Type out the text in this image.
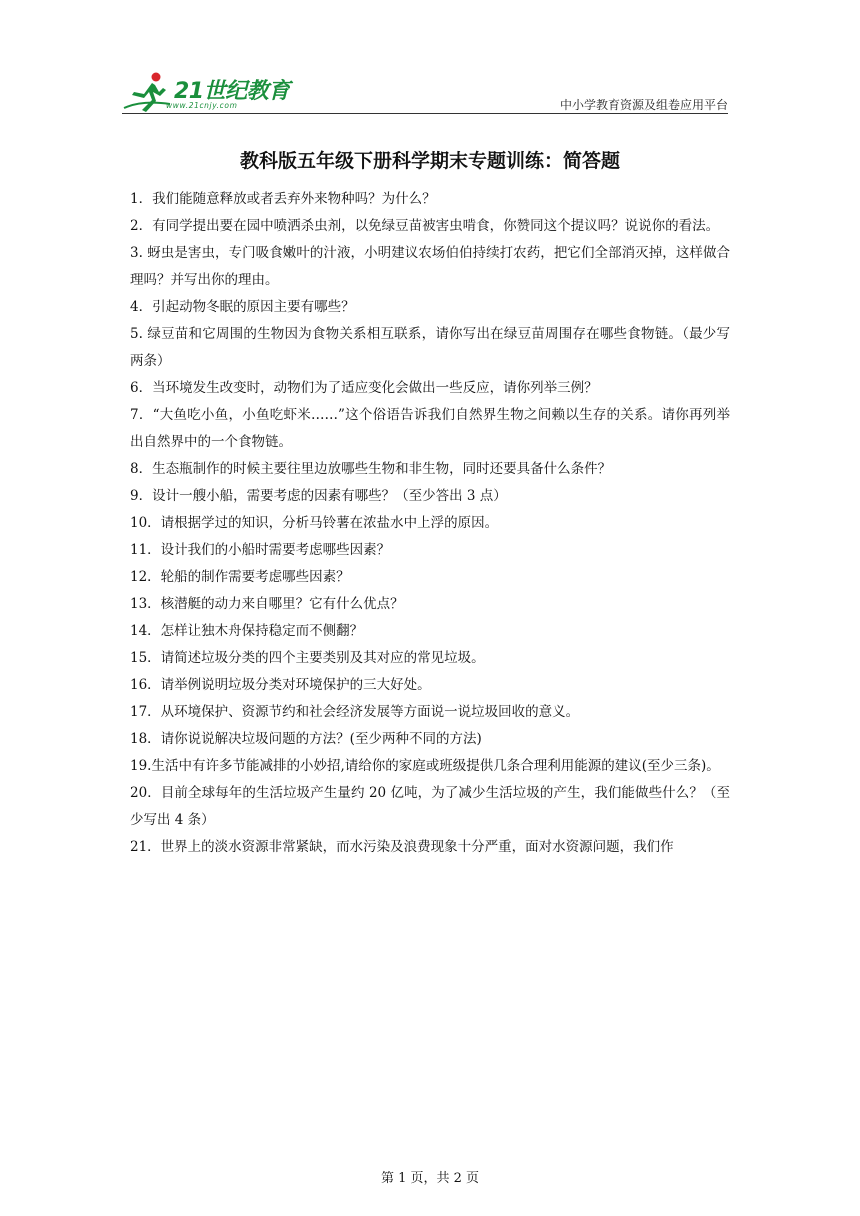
21世纪教育
www.21cnjy.com	中小学教育资源及组卷应用平台
教科版五年级下册科学期末专题训练：简答题

1．我们能随意释放或者丢弃外来物种吗？为什么？

2．有同学提出要在园中喷洒杀虫剂，以免绿豆苗被害虫啃食，你赞同这个提议吗？说说你的看法。

3. 蚜虫是害虫，专门吸食嫩叶的汁液，小明建议农场伯伯持续打农药，把它们全部消灭掉，这样做合理吗？并写出你的理由。

4．引起动物冬眠的原因主要有哪些？

5. 绿豆苗和它周围的生物因为食物关系相互联系，请你写出在绿豆苗周围存在哪些食物链。（最少写两条）

6．当环境发生改变时，动物们为了适应变化会做出一些反应，请你列举三例？

7．“大鱼吃小鱼，小鱼吃虾米……”这个俗语告诉我们自然界生物之间赖以生存的关系。请你再列举出自然界中的一个食物链。

8．生态瓶制作的时候主要往里边放哪些生物和非生物，同时还要具备什么条件？

9．设计一艘小船，需要考虑的因素有哪些？（至少答出 3 点）

10．请根据学过的知识，分析马铃薯在浓盐水中上浮的原因。

11．设计我们的小船时需要考虑哪些因素？

12．轮船的制作需要考虑哪些因素？

13．核潜艇的动力来自哪里？它有什么优点？

14．怎样让独木舟保持稳定而不侧翻？

15．请简述垃圾分类的四个主要类别及其对应的常见垃圾。

16．请举例说明垃圾分类对环境保护的三大好处。

17．从环境保护、资源节约和社会经济发展等方面说一说垃圾回收的意义。

18．请你说说解决垃圾问题的方法？(至少两种不同的方法)

19.生活中有许多节能减排的小妙招,请给你的家庭或班级提供几条合理利用能源的建议(至少三条)。

20．目前全球每年的生活垃圾产生量约 20 亿吨，为了减少生活垃圾的产生，我们能做些什么？（至少写出 4 条）

21．世界上的淡水资源非常紧缺，而水污染及浪费现象十分严重，面对水资源问题，我们作

第 1 页，共 2 页
